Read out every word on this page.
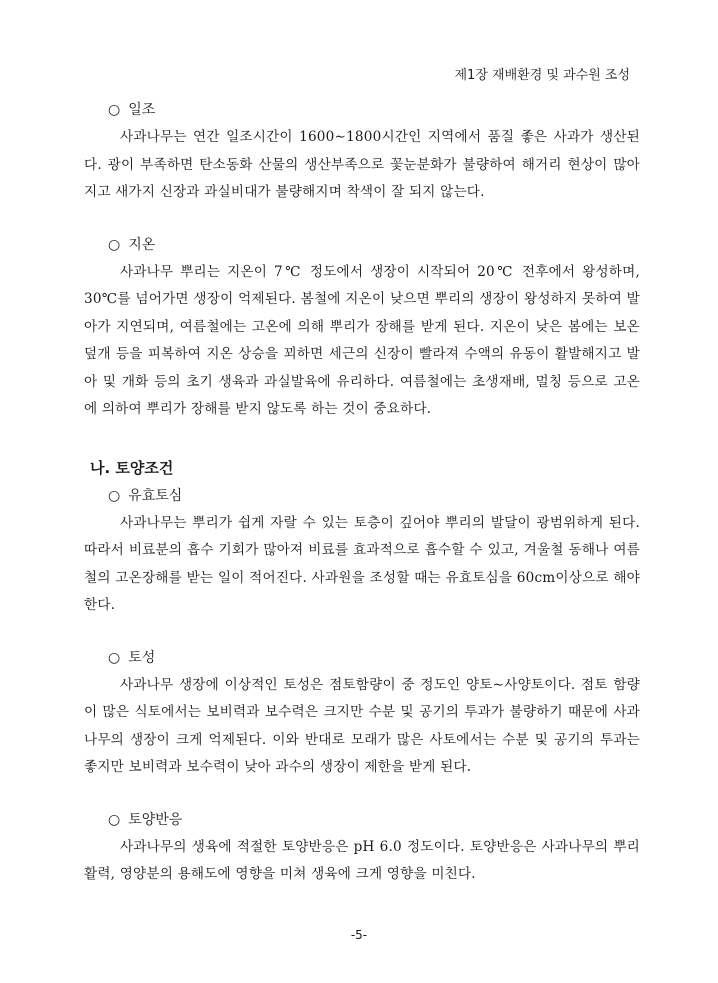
제1장 재배환경 및 과수원 조성

○ 일조

사과나무는 연간 일조시간이 1600∼1800시간인 지역에서 품질 좋은 사과가 생산된다. 광이 부족하면 탄소동화 산물의 생산부족으로 꽃눈분화가 불량하여 해거리 현상이 많아지고 새가지 신장과 과실비대가 불량해지며 착색이 잘 되지 않는다.

○ 지온

사과나무 뿌리는 지온이 7℃ 정도에서 생장이 시작되어 20℃ 전후에서 왕성하며, 30℃를 넘어가면 생장이 억제된다. 봄철에 지온이 낮으면 뿌리의 생장이 왕성하지 못하여 발아가 지연되며, 여름철에는 고온에 의해 뿌리가 장해를 받게 된다. 지온이 낮은 봄에는 보온덮개 등을 피복하여 지온 상승을 꾀하면 세근의 신장이 빨라져 수액의 유동이 활발해지고 발아 및 개화 등의 초기 생육과 과실발육에 유리하다. 여름철에는 초생재배, 멀칭 등으로 고온에 의하여 뿌리가 장해를 받지 않도록 하는 것이 중요하다.

나. 토양조건

○ 유효토심

사과나무는 뿌리가 쉽게 자랄 수 있는 토층이 깊어야 뿌리의 발달이 광범위하게 된다. 따라서 비료분의 흡수 기회가 많아져 비료를 효과적으로 흡수할 수 있고, 겨울철 동해나 여름철의 고온장해를 받는 일이 적어진다. 사과원을 조성할 때는 유효토심을 60cm이상으로 해야 한다.

○ 토성

사과나무 생장에 이상적인 토성은 점토함량이 중 정도인 양토∼사양토이다. 점토 함량이 많은 식토에서는 보비력과 보수력은 크지만 수분 및 공기의 투과가 불량하기 때문에 사과나무의 생장이 크게 억제된다. 이와 반대로 모래가 많은 사토에서는 수분 및 공기의 투과는 좋지만 보비력과 보수력이 낮아 과수의 생장이 제한을 받게 된다.

○ 토양반응

사과나무의 생육에 적절한 토양반응은 pH 6.0 정도이다. 토양반응은 사과나무의 뿌리활력, 영양분의 용해도에 영향을 미쳐 생육에 크게 영향을 미친다.

-5-
